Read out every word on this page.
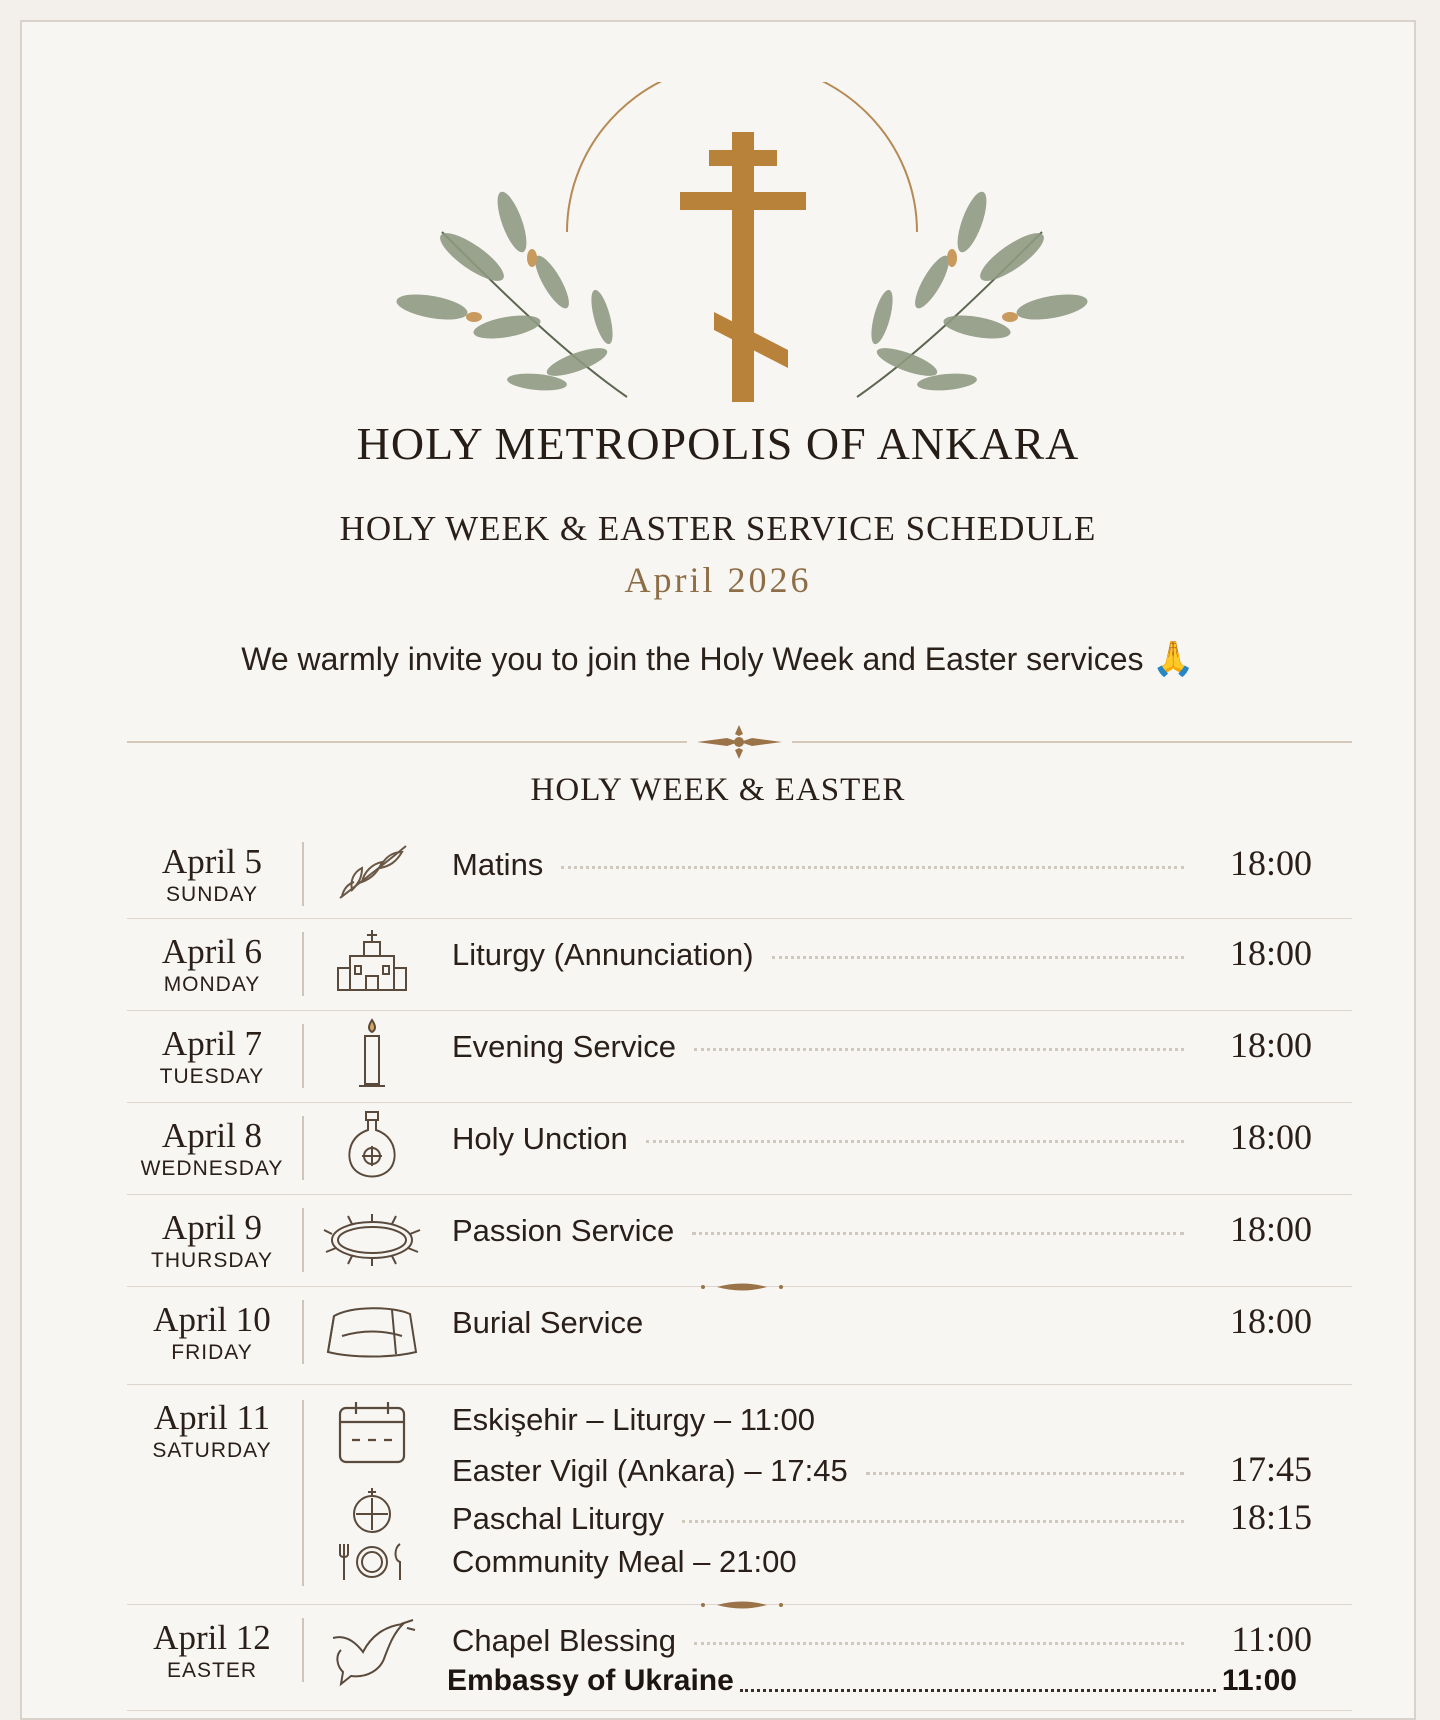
HOLY METROPOLIS OF ANKARA
HOLY WEEK & EASTER SERVICE SCHEDULE
April 2026
We warmly invite you to join the Holy Week and Easter services 🙏
HOLY WEEK & EASTER
April 5
SUNDAY
Matins	18:00
April 6
MONDAY
Liturgy (Annunciation)	18:00
April 7
TUESDAY
Evening Service	18:00
April 8
WEDNESDAY
Holy Unction	18:00
April 9
THURSDAY
Passion Service	18:00
April 10
FRIDAY
Burial Service	18:00
April 11
SATURDAY
Eskişehir – Liturgy – 11:00
Easter Vigil (Ankara) – 17:45	17:45
Paschal Liturgy	18:15
Community Meal – 21:00
April 12
EASTER
Chapel Blessing	11:00
Embassy of Ukraine	11:00
